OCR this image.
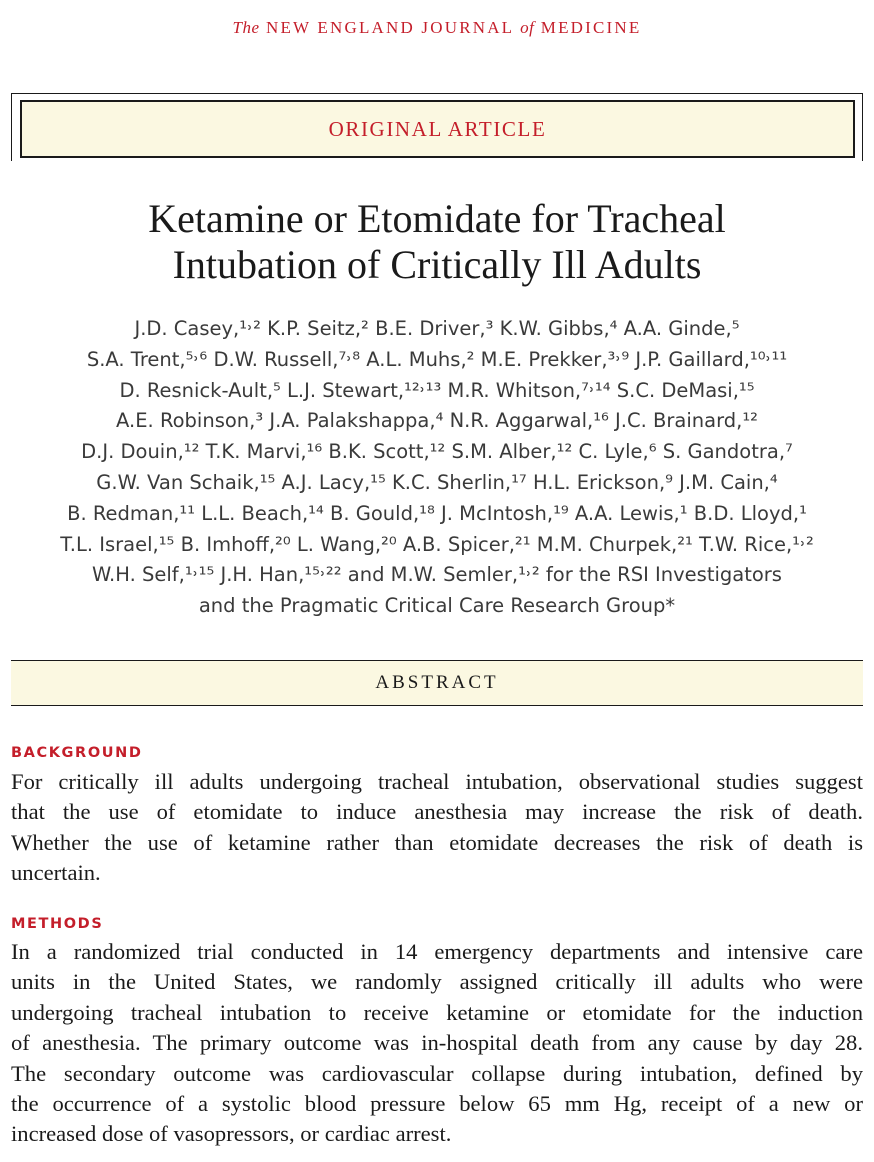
The NEW ENGLAND JOURNAL of MEDICINE
ORIGINAL ARTICLE
Ketamine or Etomidate for Tracheal
Intubation of Critically Ill Adults
J.D. Casey,¹˒² K.P. Seitz,² B.E. Driver,³ K.W. Gibbs,⁴ A.A. Ginde,⁵
S.A. Trent,⁵˒⁶ D.W. Russell,⁷˒⁸ A.L. Muhs,² M.E. Prekker,³˒⁹ J.P. Gaillard,¹⁰˒¹¹
D. Resnick-Ault,⁵ L.J. Stewart,¹²˒¹³ M.R. Whitson,⁷˒¹⁴ S.C. DeMasi,¹⁵
A.E. Robinson,³ J.A. Palakshappa,⁴ N.R. Aggarwal,¹⁶ J.C. Brainard,¹²
D.J. Douin,¹² T.K. Marvi,¹⁶ B.K. Scott,¹² S.M. Alber,¹² C. Lyle,⁶ S. Gandotra,⁷
G.W. Van Schaik,¹⁵ A.J. Lacy,¹⁵ K.C. Sherlin,¹⁷ H.L. Erickson,⁹ J.M. Cain,⁴
B. Redman,¹¹ L.L. Beach,¹⁴ B. Gould,¹⁸ J. McIntosh,¹⁹ A.A. Lewis,¹ B.D. Lloyd,¹
T.L. Israel,¹⁵ B. Imhoff,²⁰ L. Wang,²⁰ A.B. Spicer,²¹ M.M. Churpek,²¹ T.W. Rice,¹˒²
W.H. Self,¹˒¹⁵ J.H. Han,¹⁵˒²² and M.W. Semler,¹˒² for the RSI Investigators
and the Pragmatic Critical Care Research Group*
ABSTRACT
BACKGROUND
For critically ill adults undergoing tracheal intubation, observational studies suggest
that the use of etomidate to induce anesthesia may increase the risk of death.
Whether the use of ketamine rather than etomidate decreases the risk of death is
uncertain.
METHODS
In a randomized trial conducted in 14 emergency departments and intensive care
units in the United States, we randomly assigned critically ill adults who were
undergoing tracheal intubation to receive ketamine or etomidate for the induction
of anesthesia. The primary outcome was in-hospital death from any cause by day 28.
The secondary outcome was cardiovascular collapse during intubation, defined by
the occurrence of a systolic blood pressure below 65 mm Hg, receipt of a new or
increased dose of vasopressors, or cardiac arrest.
